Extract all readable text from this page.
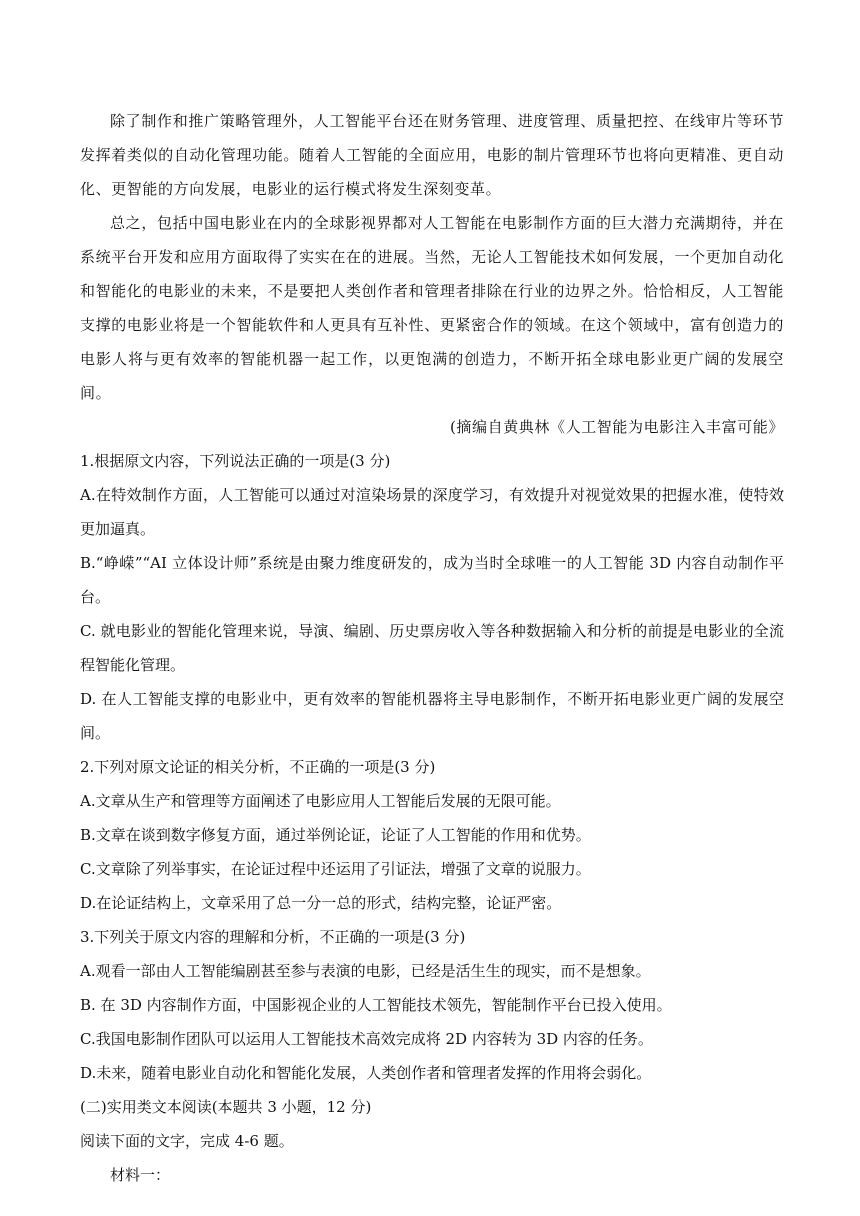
除了制作和推广策略管理外，人工智能平台还在财务管理、进度管理、质量把控、在线审片等环节发挥着类似的自动化管理功能。随着人工智能的全面应用，电影的制片管理环节也将向更精准、更自动化、更智能的方向发展，电影业的运行模式将发生深刻变革。

总之，包括中国电影业在内的全球影视界都对人工智能在电影制作方面的巨大潜力充满期待，并在系统平台开发和应用方面取得了实实在在的进展。当然，无论人工智能技术如何发展，一个更加自动化和智能化的电影业的未来，不是要把人类创作者和管理者排除在行业的边界之外。恰恰相反，人工智能支撑的电影业将是一个智能软件和人更具有互补性、更紧密合作的领域。在这个领域中，富有创造力的电影人将与更有效率的智能机器一起工作，以更饱满的创造力，不断开拓全球电影业更广阔的发展空间。

(摘编自黄典林《人工智能为电影注入丰富可能》

1.根据原文内容，下列说法正确的一项是(3 分)

A.在特效制作方面，人工智能可以通过对渲染场景的深度学习，有效提升对视觉效果的把握水准，使特效更加逼真。

B.“峥嵘”“AI 立体设计师”系统是由聚力维度研发的，成为当时全球唯一的人工智能 3D 内容自动制作平台。

C. 就电影业的智能化管理来说，导演、编剧、历史票房收入等各种数据输入和分析的前提是电影业的全流程智能化管理。

D. 在人工智能支撑的电影业中，更有效率的智能机器将主导电影制作，不断开拓电影业更广阔的发展空间。

2.下列对原文论证的相关分析，不正确的一项是(3 分)

A.文章从生产和管理等方面阐述了电影应用人工智能后发展的无限可能。

B.文章在谈到数字修复方面，通过举例论证，论证了人工智能的作用和优势。

C.文章除了列举事实，在论证过程中还运用了引证法，增强了文章的说服力。

D.在论证结构上，文章采用了总一分一总的形式，结构完整，论证严密。

3.下列关于原文内容的理解和分析，不正确的一项是(3 分)

A.观看一部由人工智能编剧甚至参与表演的电影，已经是活生生的现实，而不是想象。

B. 在 3D 内容制作方面，中国影视企业的人工智能技术领先，智能制作平台已投入使用。

C.我国电影制作团队可以运用人工智能技术高效完成将 2D 内容转为 3D 内容的任务。

D.未来，随着电影业自动化和智能化发展，人类创作者和管理者发挥的作用将会弱化。

(二)实用类文本阅读(本题共 3 小题，12 分)

阅读下面的文字，完成 4-6 题。

材料一：
